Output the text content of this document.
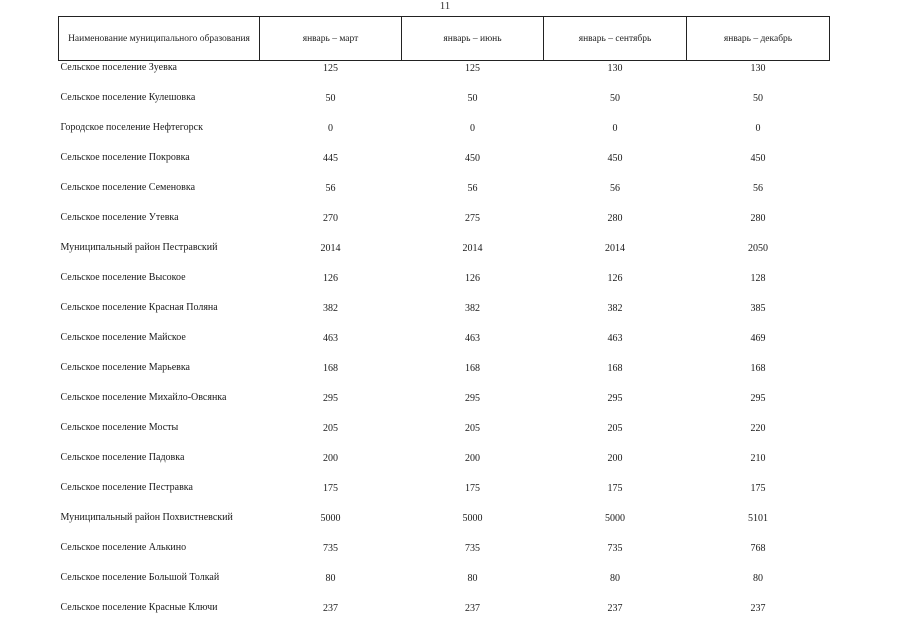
11
Наименование муниципального образования	январь – март	январь – июнь	январь – сентябрь	январь – декабрь
Сельское поселение Зуевка	125	125	130	130
Сельское поселение Кулешовка	50	50	50	50
Городское поселение Нефтегорск	0	0	0	0
Сельское поселение Покровка	445	450	450	450
Сельское поселение Семеновка	56	56	56	56
Сельское поселение Утевка	270	275	280	280
Муниципальный район Пестравский	2014	2014	2014	2050
Сельское поселение Высокое	126	126	126	128
Сельское поселение Красная Поляна	382	382	382	385
Сельское поселение Майское	463	463	463	469
Сельское поселение Марьевка	168	168	168	168
Сельское поселение Михайло-Овсянка	295	295	295	295
Сельское поселение Мосты	205	205	205	220
Сельское поселение Падовка	200	200	200	210
Сельское поселение Пестравка	175	175	175	175
Муниципальный район Похвистневский	5000	5000	5000	5101
Сельское поселение Алькино	735	735	735	768
Сельское поселение Большой Толкай	80	80	80	80
Сельское поселение Красные Ключи	237	237	237	237
